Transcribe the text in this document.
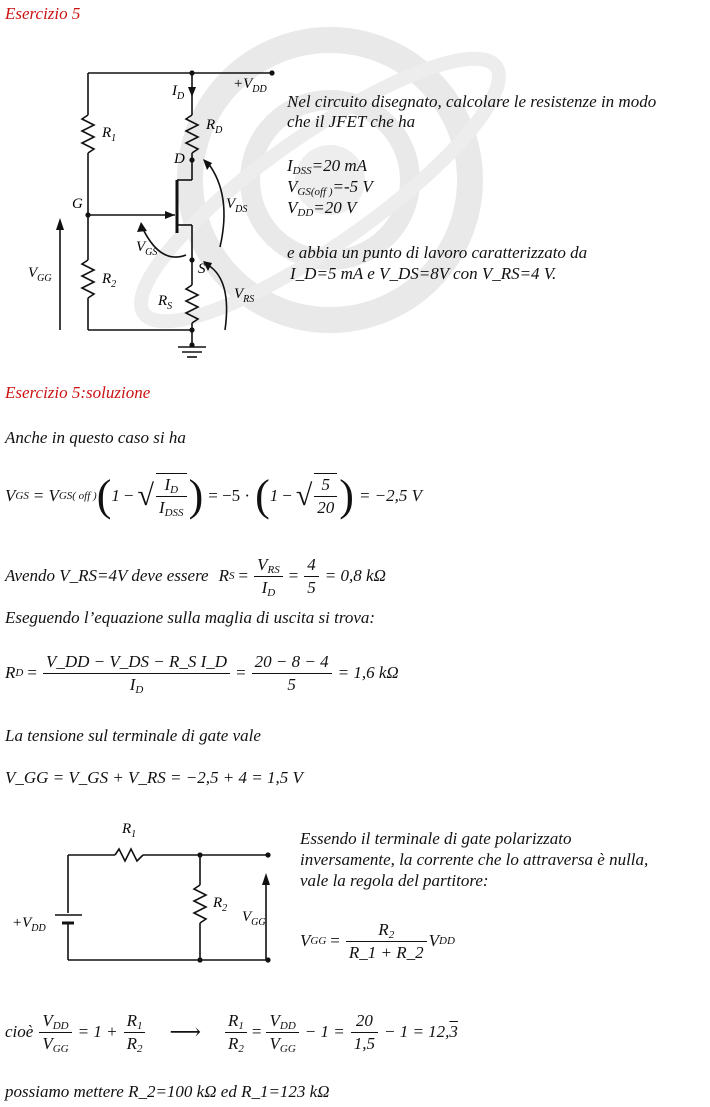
Esercizio 5
$I_D$
$+V_{DD}$
$R_1$
$R_D$
D
G
S
$V_{DS}$
$V_{GS}$
$V_{GG}$	$R_2$
$R_S$
$V_{RS}$
Nel circuito disegnato, calcolare le resistenze in modo
che il JFET che ha
$I_{DSS}=20$ mA
$V_{GS(off )}=-5$ V
$V_{DD}=20$ V
e abbia un punto di lavoro caratterizzato da
I_D=5 mA e V_DS=8V con V_RS=4 V.
Esercizio 5:soluzione
Anche in questo caso si ha
V GS = V GS( off ) ( 1 − √ $\frac{I_D}{I_{DSS}}$ ) = −5 · ( 1 − √ $\frac{5}{20}$ ) = −2,5 V
Avendo V_RS=4V deve essere R $S = \frac{V_{RS}}{I_D} = \frac{4}{5} = 0,8$ kΩ
Eseguendo l’equazione sulla maglia di uscita si trova:
R $D = \frac{\text{V\_DD − V\_DS − R\_S I\_D}}{I_D} = \frac{20 - 8 - 4}{5} = 1,6$ kΩ
La tensione sul terminale di gate vale
V_GG = V_GS + V_RS = −2,5 + 4 = 1,5 V
$R_1$
$R_2$
$V_{GG}$
$+V_{DD}$
Essendo il terminale di gate polarizzato
inversamente, la corrente che lo attraversa è nulla,
vale la regola del partitore:
V GG = $\frac{R_2}{R\_1 + R\_2}$ V DD
cioè $\frac{V_{DD}}{V_{GG}} = 1 + \frac{R_1}{R_2}$ ⟶ $\frac{R_1}{R_2} = \frac{V_{DD}}{V_{GG}} - 1 = \frac{20}{1,5} - 1 = 12$, 3
possiamo mettere R_2=100 kΩ ed R_1=123 kΩ
